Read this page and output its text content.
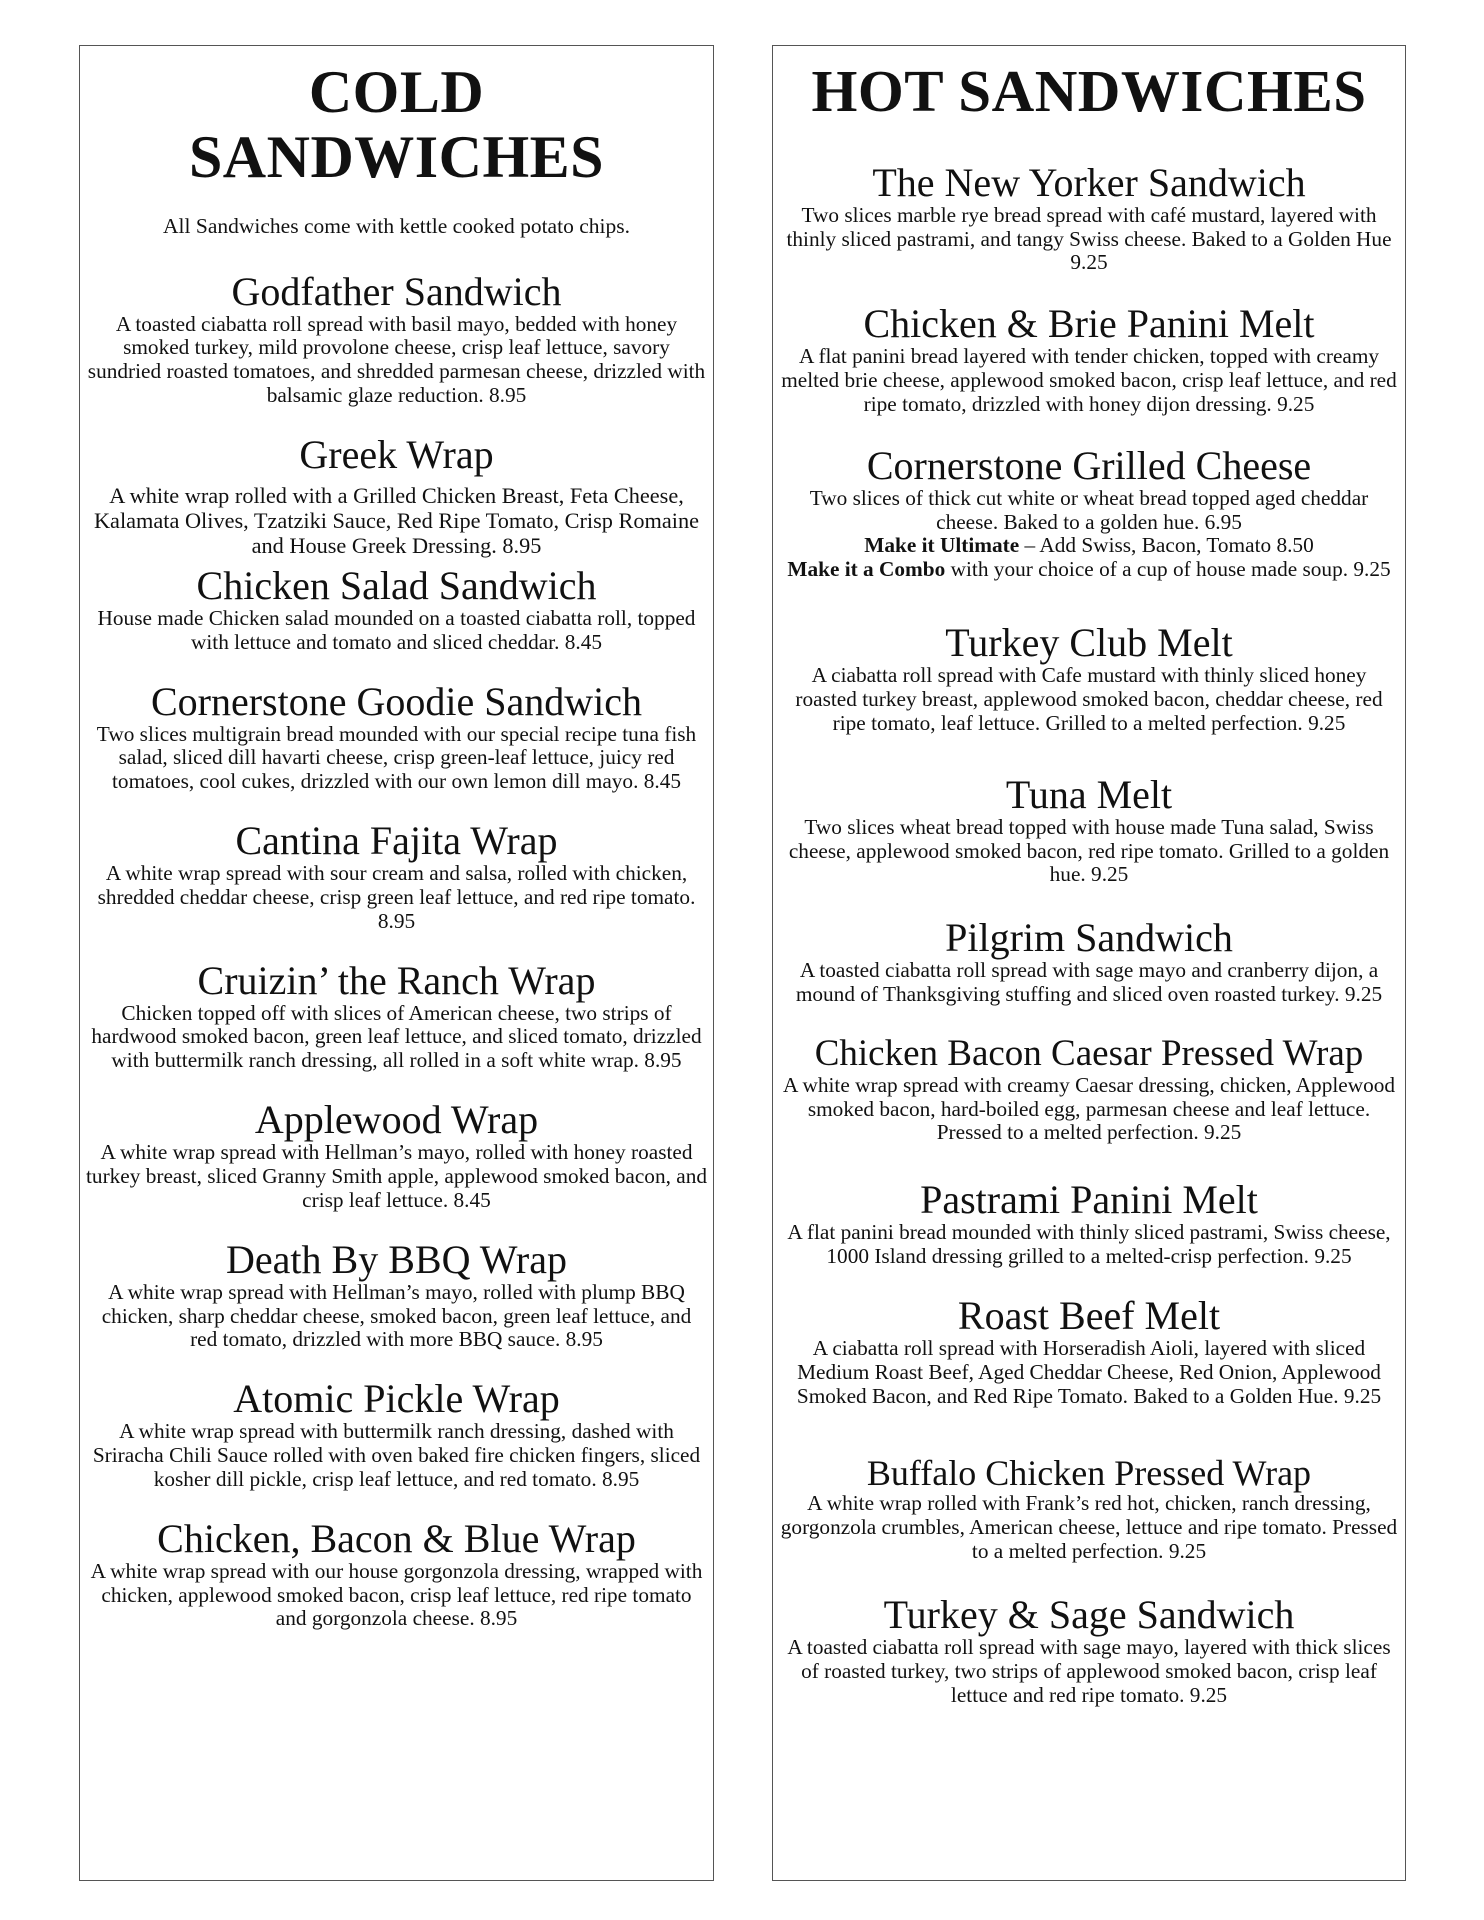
COLD
SANDWICHES

All Sandwiches come with kettle cooked potato chips.

Godfather Sandwich

A toasted ciabatta roll spread with basil mayo, bedded with honey smoked turkey, mild provolone cheese, crisp leaf lettuce, savory sundried roasted tomatoes, and shredded parmesan cheese, drizzled with balsamic glaze reduction. 8.95

Greek Wrap

A white wrap rolled with a Grilled Chicken Breast, Feta Cheese, Kalamata Olives, Tzatziki Sauce, Red Ripe Tomato, Crisp Romaine and House Greek Dressing. 8.95

Chicken Salad Sandwich

House made Chicken salad mounded on a toasted ciabatta roll, topped with lettuce and tomato and sliced cheddar. 8.45

Cornerstone Goodie Sandwich

Two slices multigrain bread mounded with our special recipe tuna fish salad, sliced dill havarti cheese, crisp green-leaf lettuce, juicy red tomatoes, cool cukes, drizzled with our own lemon dill mayo. 8.45

Cantina Fajita Wrap

A white wrap spread with sour cream and salsa, rolled with chicken, shredded cheddar cheese, crisp green leaf lettuce, and red ripe tomato. 8.95

Cruizin’ the Ranch Wrap

Chicken topped off with slices of American cheese, two strips of hardwood smoked bacon, green leaf lettuce, and sliced tomato, drizzled with buttermilk ranch dressing, all rolled in a soft white wrap. 8.95

Applewood Wrap

A white wrap spread with Hellman’s mayo, rolled with honey roasted turkey breast, sliced Granny Smith apple, applewood smoked bacon, and crisp leaf lettuce. 8.45

Death By BBQ Wrap

A white wrap spread with Hellman’s mayo, rolled with plump BBQ chicken, sharp cheddar cheese, smoked bacon, green leaf lettuce, and red tomato, drizzled with more BBQ sauce. 8.95

Atomic Pickle Wrap

A white wrap spread with buttermilk ranch dressing, dashed with Sriracha Chili Sauce rolled with oven baked fire chicken fingers, sliced kosher dill pickle, crisp leaf lettuce, and red tomato. 8.95

Chicken, Bacon & Blue Wrap

A white wrap spread with our house gorgonzola dressing, wrapped with chicken, applewood smoked bacon, crisp leaf lettuce, red ripe tomato and gorgonzola cheese. 8.95

HOT SANDWICHES

The New Yorker Sandwich

Two slices marble rye bread spread with café mustard, layered with thinly sliced pastrami, and tangy Swiss cheese. Baked to a Golden Hue 9.25

Chicken & Brie Panini Melt

A flat panini bread layered with tender chicken, topped with creamy melted brie cheese, applewood smoked bacon, crisp leaf lettuce, and red ripe tomato, drizzled with honey dijon dressing. 9.25

Cornerstone Grilled Cheese

Two slices of thick cut white or wheat bread topped aged cheddar cheese. Baked to a golden hue. 6.95

Make it Ultimate – Add Swiss, Bacon, Tomato 8.50

Make it a Combo with your choice of a cup of house made soup. 9.25

Turkey Club Melt

A ciabatta roll spread with Cafe mustard with thinly sliced honey roasted turkey breast, applewood smoked bacon, cheddar cheese, red ripe tomato, leaf lettuce. Grilled to a melted perfection. 9.25

Tuna Melt

Two slices wheat bread topped with house made Tuna salad, Swiss cheese, applewood smoked bacon, red ripe tomato. Grilled to a golden hue. 9.25

Pilgrim Sandwich

A toasted ciabatta roll spread with sage mayo and cranberry dijon, a mound of Thanksgiving stuffing and sliced oven roasted turkey. 9.25

Chicken Bacon Caesar Pressed Wrap

A white wrap spread with creamy Caesar dressing, chicken, Applewood smoked bacon, hard-boiled egg, parmesan cheese and leaf lettuce. Pressed to a melted perfection. 9.25

Pastrami Panini Melt

A flat panini bread mounded with thinly sliced pastrami, Swiss cheese, 1000 Island dressing grilled to a melted-crisp perfection. 9.25

Roast Beef Melt

A ciabatta roll spread with Horseradish Aioli, layered with sliced Medium Roast Beef, Aged Cheddar Cheese, Red Onion, Applewood Smoked Bacon, and Red Ripe Tomato. Baked to a Golden Hue. 9.25

Buffalo Chicken Pressed Wrap

A white wrap rolled with Frank’s red hot, chicken, ranch dressing, gorgonzola crumbles, American cheese, lettuce and ripe tomato. Pressed to a melted perfection. 9.25

Turkey & Sage Sandwich

A toasted ciabatta roll spread with sage mayo, layered with thick slices of roasted turkey, two strips of applewood smoked bacon, crisp leaf lettuce and red ripe tomato. 9.25
